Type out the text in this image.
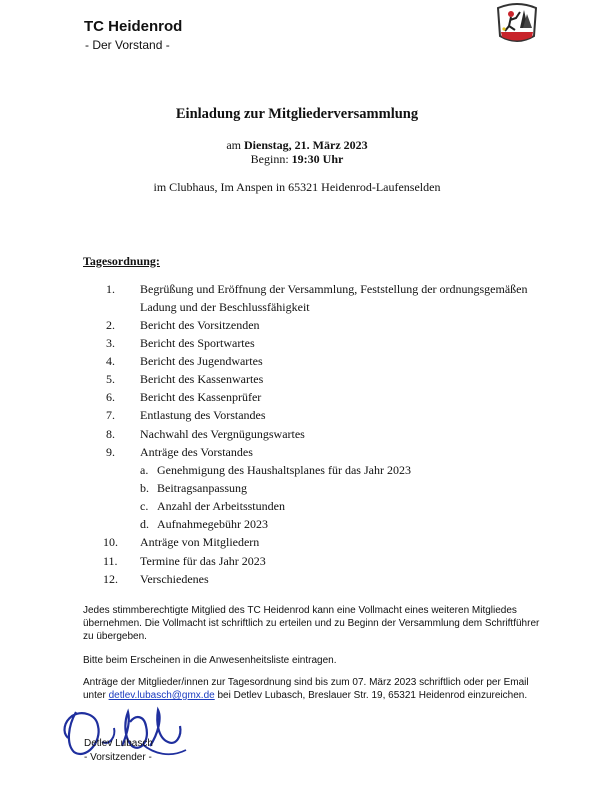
TC Heidenrod
- Der Vorstand -
Einladung zur Mitgliederversammlung
am Dienstag, 21. März 2023
Beginn: 19:30 Uhr
im Clubhaus, Im Anspen in 65321 Heidenrod-Laufenselden
Tagesordnung:
1. Begrüßung und Eröffnung der Versammlung, Feststellung der ordnungsgemäßen
Ladung und der Beschlussfähigkeit
2. Bericht des Vorsitzenden
3. Bericht des Sportwartes
4. Bericht des Jugendwartes
5. Bericht des Kassenwartes
6. Bericht des Kassenprüfer
7. Entlastung des Vorstandes
8. Nachwahl des Vergnügungswartes
9. Anträge des Vorstandes
a. Genehmigung des Haushaltsplanes für das Jahr 2023
b. Beitragsanpassung
c. Anzahl der Arbeitsstunden
d. Aufnahmegebühr 2023
10. Anträge von Mitgliedern
11. Termine für das Jahr 2023
12. Verschiedenes
Jedes stimmberechtigte Mitglied des TC Heidenrod kann eine Vollmacht eines weiteren Mitgliedes
übernehmen. Die Vollmacht ist schriftlich zu erteilen und zu Beginn der Versammlung dem Schriftführer
zu übergeben.
Bitte beim Erscheinen in die Anwesenheitsliste eintragen.
Anträge der Mitglieder/innen zur Tagesordnung sind bis zum 07. März 2023 schriftlich oder per Email
unter detlev.lubasch@gmx.de bei Detlev Lubasch, Breslauer Str. 19, 65321 Heidenrod einzureichen.
Detlev Lubasch
- Vorsitzender -
